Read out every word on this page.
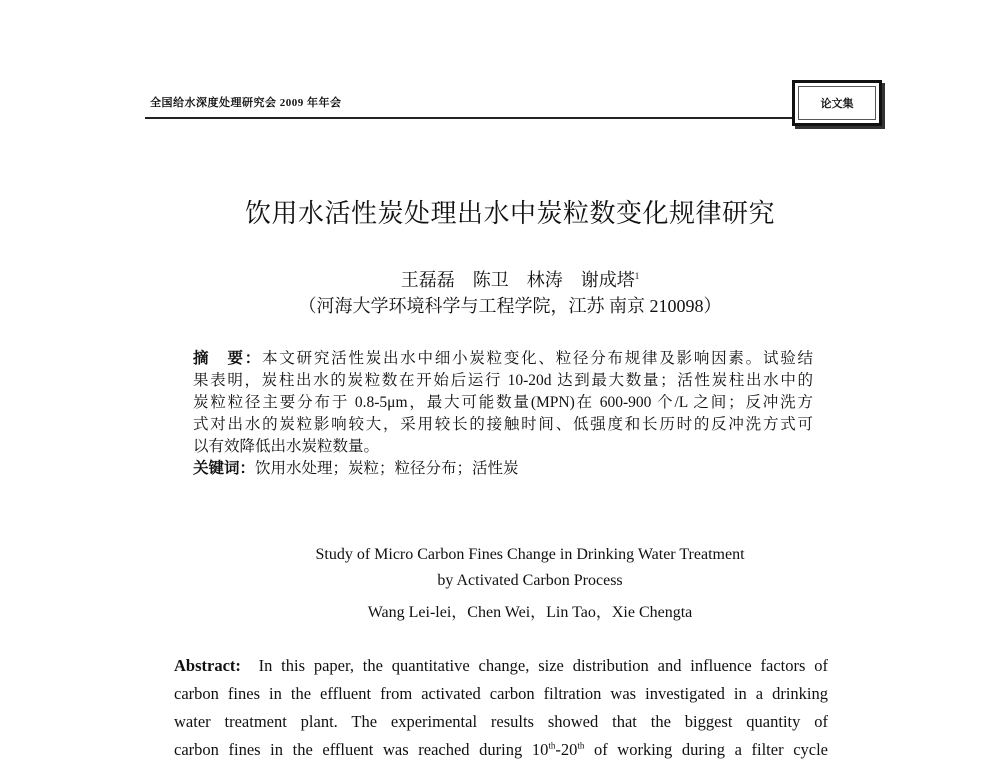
全国给水深度处理研究会 2009 年年会	论文集
饮用水活性炭处理出水中炭粒数变化规律研究
王磊磊　陈卫　林涛　谢成塔$^1$
（河海大学环境科学与工程学院，江苏 南京 210098）
摘　要：本文研究活性炭出水中细小炭粒变化、粒径分布规律及影响因素。试验结
果表明，炭柱出水的炭粒数在开始后运行 10-20d 达到最大数量；活性炭柱出水中的
炭粒粒径主要分布于 0.8-5μm，最大可能数量(MPN)在 600-900 个/L 之间；反冲洗方
式对出水的炭粒影响较大，采用较长的接触时间、低强度和长历时的反冲洗方式可
以有效降低出水炭粒数量。
关键词：饮用水处理；炭粒；粒径分布；活性炭
Study of Micro Carbon Fines Change in Drinking Water Treatment
by Activated Carbon Process
Wang Lei-lei，Chen Wei，Lin Tao，Xie Chengta
Abstract: In this paper, the quantitative change, size distribution and influence factors of
carbon fines in the effluent from activated carbon filtration was investigated in a drinking
water treatment plant. The experimental results showed that the biggest quantity of
carbon fines in the effluent was reached during 10th-20th of working during a filter cycle
